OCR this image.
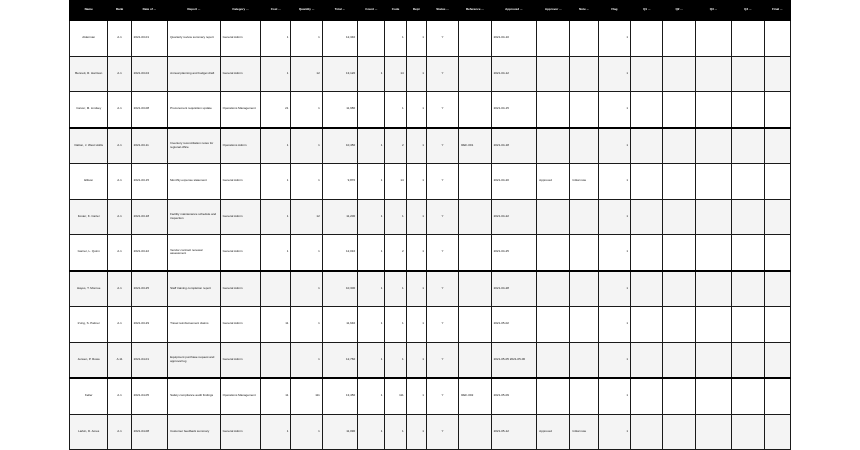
Name	Rank	Date of ...	Report ...	Category ...	Cost ...	Quantity ...	Total ...	Count ...	Code	Dept	Status ...	Reference ...	Approved ...	Approver ...	Note ...	Flag	Q1 ...	Q2 ...	Q3 ...	Q4 ...	Final ...
Alderman	A.1	2021-03-01	Quarterly review summary report	General Admin	1	1	12,340		1	1	Y		2021-04-10			1					
Bennett, R. Harrison	A.1	2021-03-04	Annual planning and budget draft	General Admin	1	12	13,120	1	14	1	Y		2021-04-12			1					
Carver, M. Lindsey	A.1	2021-03-08	Procurement requisition update	Operations Management	21	1	11,980		1	1	Y		2021-04-15			1					
Dalton, J. West Hollis	A.1	2021-03-11	Inventory reconciliation notes for regional office	Operations Admin	1	1	10,450	1	2	1	Y	REF-001	2021-04-18			1					
Ellison	A.1	2021-03-15	Monthly expense statement	General Admin	1	1	9,870	1	14	1	Y		2021-04-20	Approved	Initial note	1					
Foster, K. Carter	A.1	2021-03-18	Facility maintenance schedule and inspection	General Admin	1	12	11,200	1	1	1	Y		2021-04-22			1					
Garner, L. Quinn	A.1	2021-03-22	Vendor contract renewal assessment	General Admin	1	1	12,010	1	2	1	Y		2021-04-25			1					
Hayes, T. Monroe	A.1	2021-03-25	Staff training completion report	General Admin		1	10,300	1	1	1	Y		2021-04-28			1					
Irving, S. Palmer	A.1	2021-03-29	Travel reimbursement claims	General Admin	11	1	11,640	1	1	1	Y		2021-05-02			1					
Jensen, P. Rowe	A.11	2021-04-01	Equipment purchase request and approval log	General Admin		1	12,760	1	1	1	Y		2021-05-05 2021-05-06			1					
Keller	A.1	2021-04-05	Safety compliance audit findings	Operations Management	11	111	13,450	1	111	1	Y	REF-002	2021-05-09			1					
Larkin, D. Ames	A.1	2021-04-08	Customer feedback summary	General Admin	1	1	11,090	1	1	1	Y		2021-05-12	Approved	Initial note	1					
